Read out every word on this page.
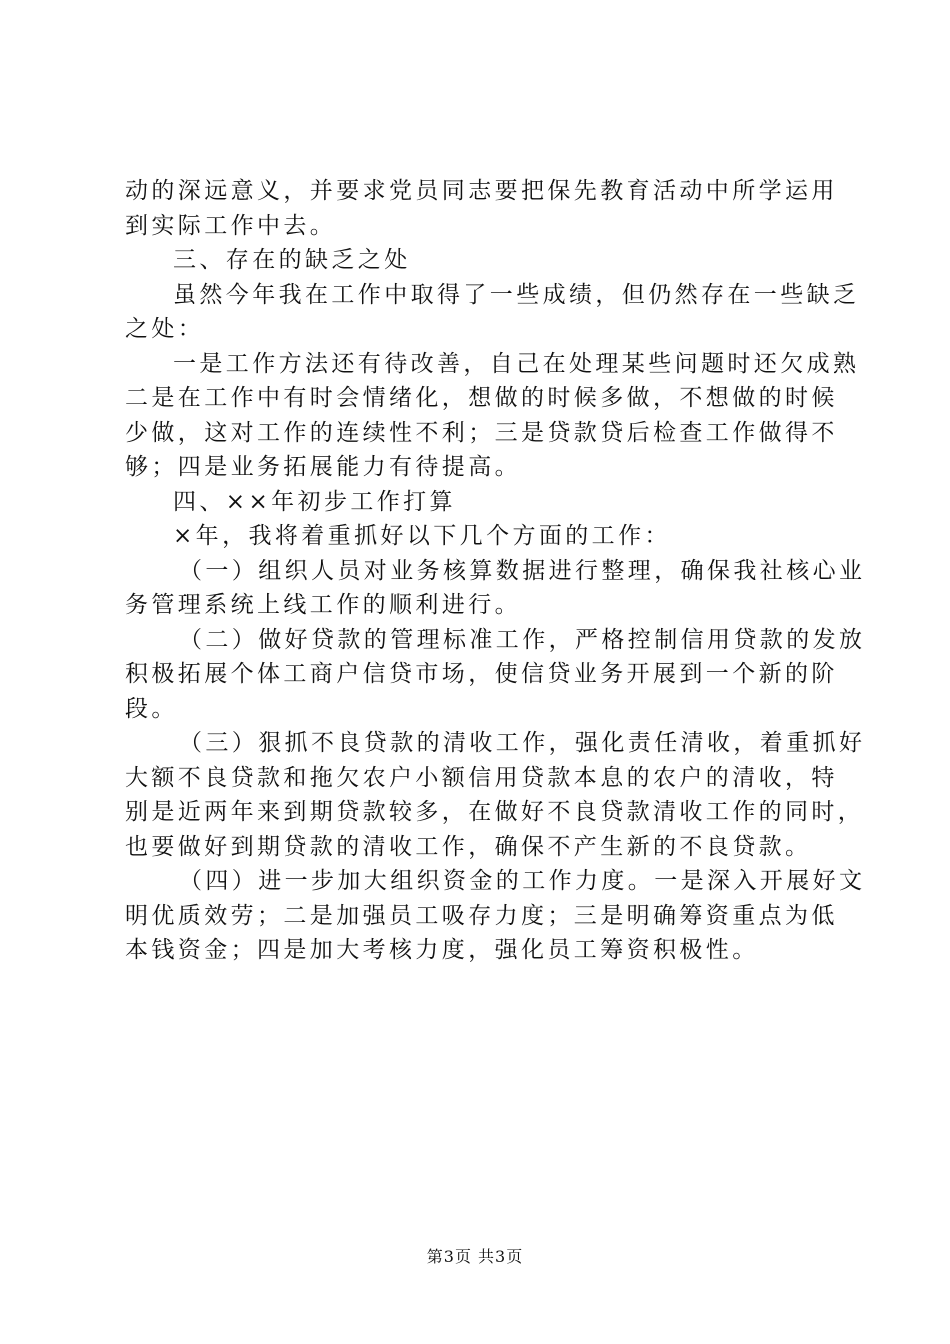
动的深远意义，并要求党员同志要把保先教育活动中所学运用
到实际工作中去。
三、存在的缺乏之处
虽然今年我在工作中取得了一些成绩，但仍然存在一些缺乏
之处：
一是工作方法还有待改善，自己在处理某些问题时还欠成熟
二是在工作中有时会情绪化，想做的时候多做，不想做的时候
少做，这对工作的连续性不利；三是贷款贷后检查工作做得不
够；四是业务拓展能力有待提高。
四、××年初步工作打算
×年，我将着重抓好以下几个方面的工作：
（一）组织人员对业务核算数据进行整理，确保我社核心业
务管理系统上线工作的顺利进行。
（二）做好贷款的管理标准工作，严格控制信用贷款的发放
积极拓展个体工商户信贷市场，使信贷业务开展到一个新的阶
段。
（三）狠抓不良贷款的清收工作，强化责任清收，着重抓好
大额不良贷款和拖欠农户小额信用贷款本息的农户的清收，特
别是近两年来到期贷款较多，在做好不良贷款清收工作的同时，
也要做好到期贷款的清收工作，确保不产生新的不良贷款。
（四）进一步加大组织资金的工作力度。一是深入开展好文
明优质效劳；二是加强员工吸存力度；三是明确筹资重点为低
本钱资金；四是加大考核力度，强化员工筹资积极性。
第3页 共3页
